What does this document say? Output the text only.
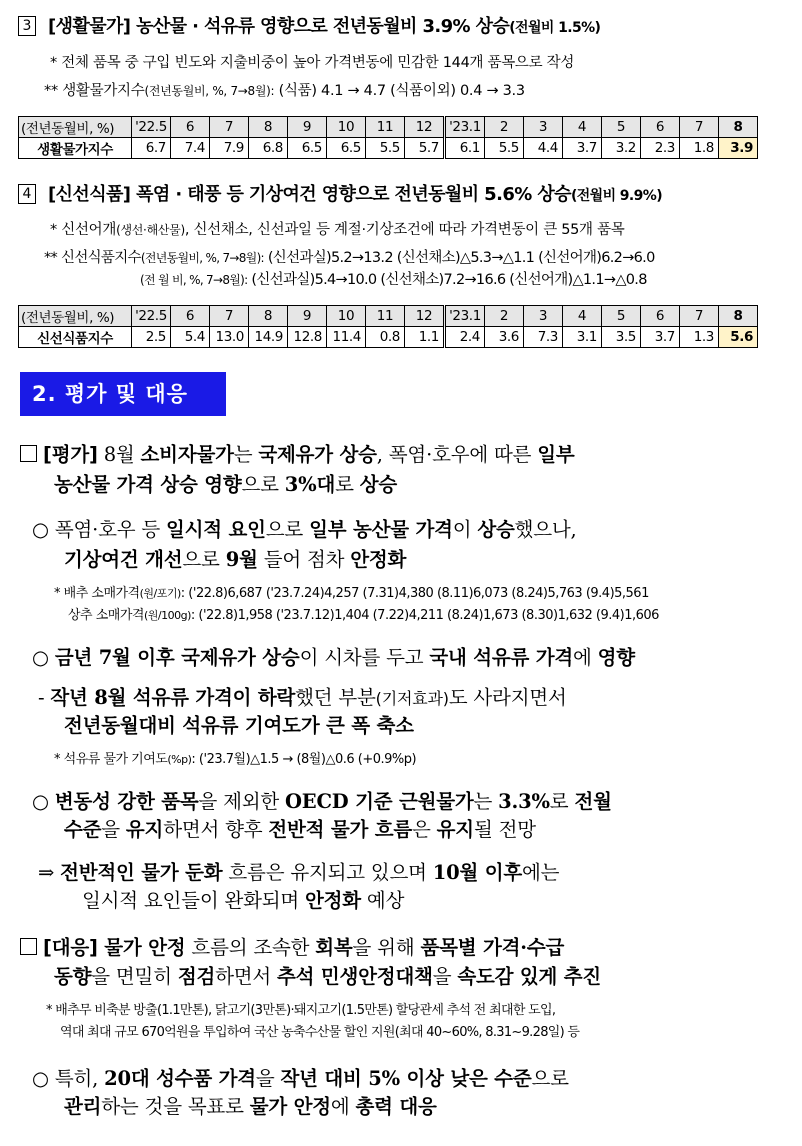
3 [생활물가] 농산물 · 석유류 영향으로 전년동월비 3.9% 상승(전월비 1.5%)
* 전체 품목 중 구입 빈도와 지출비중이 높아 가격변동에 민감한 144개 품목으로 작성
** 생활물가지수(전년동월비, %, 7→8월): (식품) 4.1 → 4.7 (식품이외) 0.4 → 3.3
(전년동월비, %)	'22.5	6	7	8	9	10	11	12	'23.1	2	3	4	5	6	7	8
생활물가지수	6.7	7.4	7.9	6.8	6.5	6.5	5.5	5.7	6.1	5.5	4.4	3.7	3.2	2.3	1.8	3.9
4 [신선식품] 폭염 · 태풍 등 기상여건 영향으로 전년동월비 5.6% 상승(전월비 9.9%)
* 신선어개(생선·해산물), 신선채소, 신선과일 등 계절·기상조건에 따라 가격변동이 큰 55개 품목
** 신선식품지수(전년동월비, %, 7→8월): (신선과실)5.2→13.2 (신선채소)△5.3→△1.1 (신선어개)6.2→6.0
(전 월 비, %, 7→8월): (신선과실)5.4→10.0 (신선채소)7.2→16.6 (신선어개)△1.1→△0.8
(전년동월비, %)	'22.5	6	7	8	9	10	11	12	'23.1	2	3	4	5	6	7	8
신선식품지수	2.5	5.4	13.0	14.9	12.8	11.4	0.8	1.1	2.4	3.6	7.3	3.1	3.5	3.7	1.3	5.6
2. 평가 및 대응
[평가] 8월 소비자물가는 국제유가 상승, 폭염·호우에 따른 일부
농산물 가격 상승 영향으로 3%대로 상승
○ 폭염·호우 등 일시적 요인으로 일부 농산물 가격이 상승했으나,
기상여건 개선으로 9월 들어 점차 안정화
* 배추 소매가격(원/포기): ('22.8)6,687 ('23.7.24)4,257 (7.31)4,380 (8.11)6,073 (8.24)5,763 (9.4)5,561
상추 소매가격(원/100g): ('22.8)1,958 ('23.7.12)1,404 (7.22)4,211 (8.24)1,673 (8.30)1,632 (9.4)1,606
○ 금년 7월 이후 국제유가 상승이 시차를 두고 국내 석유류 가격에 영향
- 작년 8월 석유류 가격이 하락했던 부분(기저효과)도 사라지면서
전년동월대비 석유류 기여도가 큰 폭 축소
* 석유류 물가 기여도(%p): ('23.7월)△1.5 → (8월)△0.6 (+0.9%p)
○ 변동성 강한 품목을 제외한 OECD 기준 근원물가는 3.3%로 전월
수준을 유지하면서 향후 전반적 물가 흐름은 유지될 전망
⇒ 전반적인 물가 둔화 흐름은 유지되고 있으며 10월 이후에는
일시적 요인들이 완화되며 안정화 예상
[대응] 물가 안정 흐름의 조속한 회복을 위해 품목별 가격·수급
동향을 면밀히 점검하면서 추석 민생안정대책을 속도감 있게 추진
* 배추무 비축분 방출(1.1만톤), 닭고기(3만톤)·돼지고기(1.5만톤) 할당관세 추석 전 최대한 도입,
역대 최대 규모 670억원을 투입하여 국산 농축수산물 할인 지원(최대 40~60%, 8.31~9.28일) 등
○ 특히, 20대 성수품 가격을 작년 대비 5% 이상 낮은 수준으로
관리하는 것을 목표로 물가 안정에 총력 대응
